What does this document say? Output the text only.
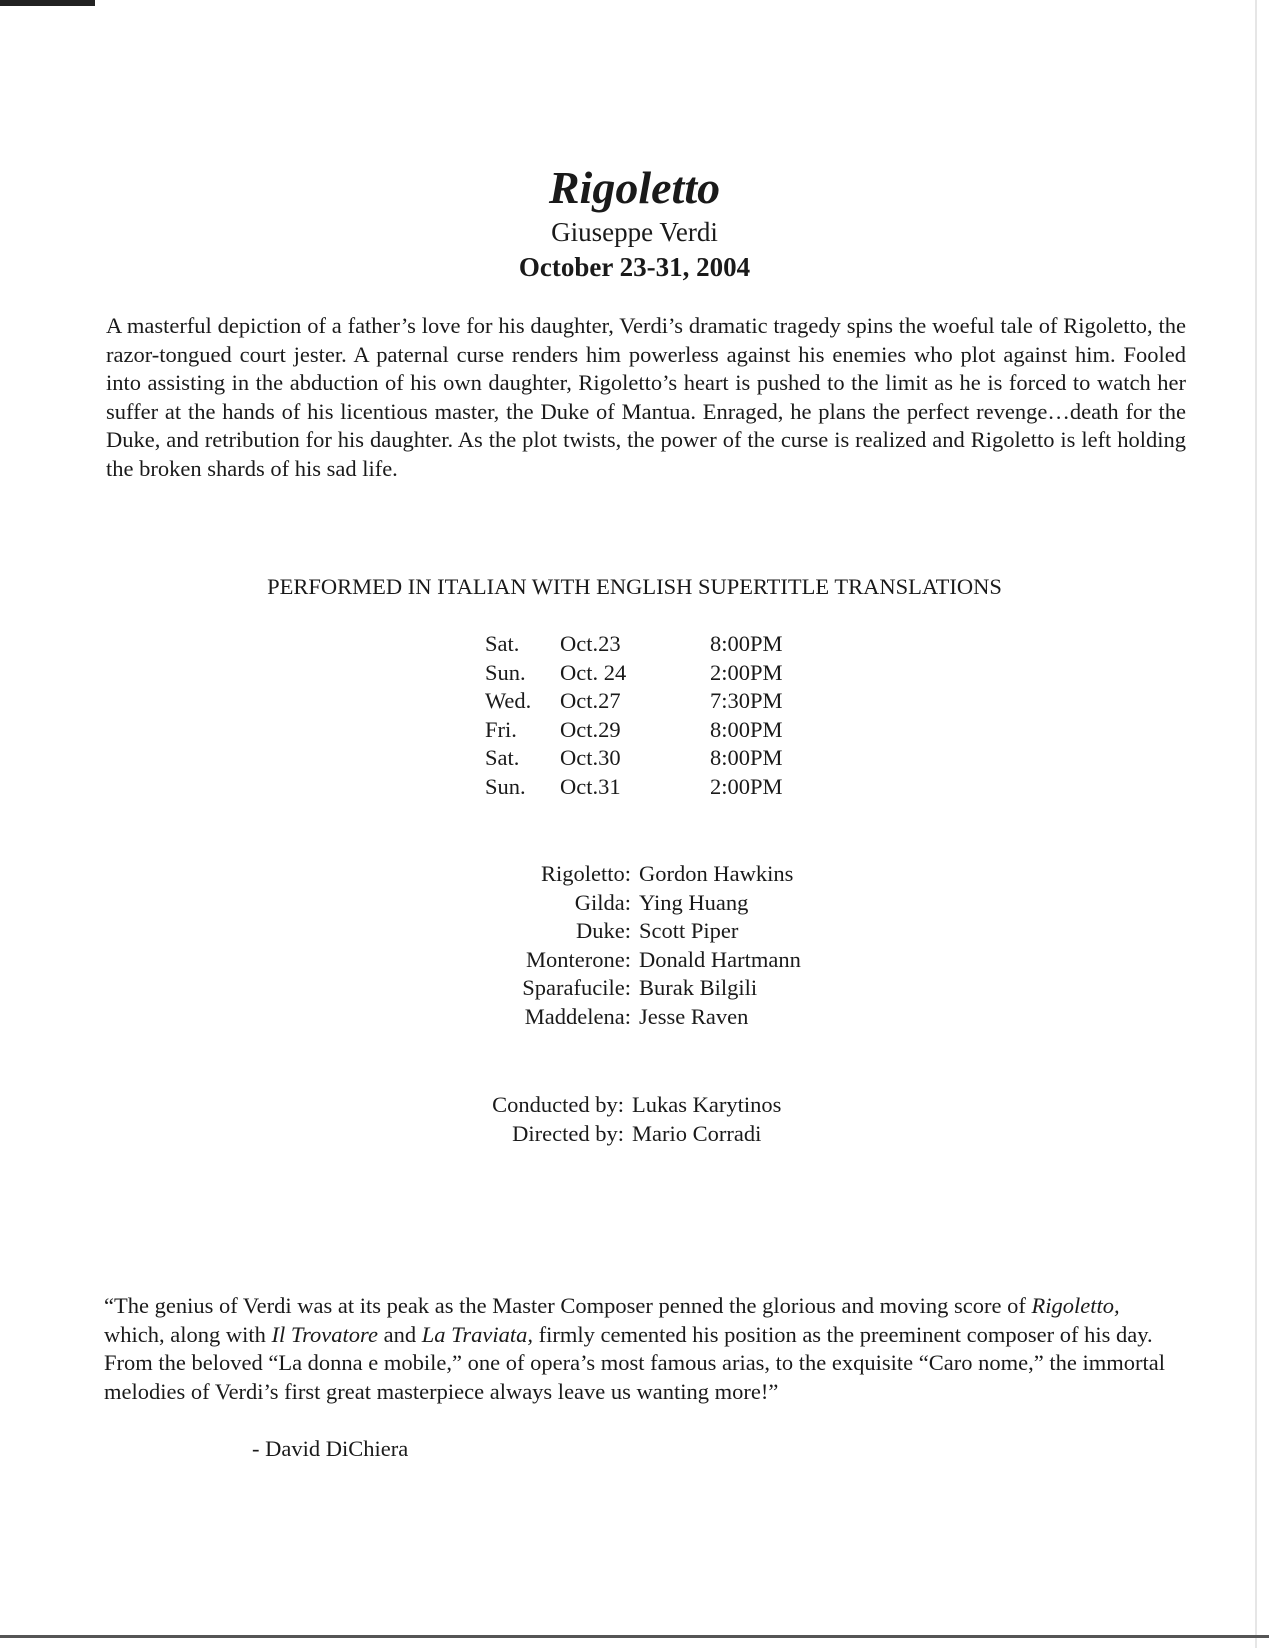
Rigoletto
Giuseppe Verdi
October 23-31, 2004

A masterful depiction of a father’s love for his daughter, Verdi’s dramatic tragedy spins the woeful tale of Rigoletto, the razor-tongued court jester. A paternal curse renders him powerless against his enemies who plot against him. Fooled into assisting in the abduction of his own daughter, Rigoletto’s heart is pushed to the limit as he is forced to watch her suffer at the hands of his licentious master, the Duke of Mantua. Enraged, he plans the perfect revenge…death for the Duke, and retribution for his daughter. As the plot twists, the power of the curse is realized and Rigoletto is left holding the broken shards of his sad life.

PERFORMED IN ITALIAN WITH ENGLISH SUPERTITLE TRANSLATIONS
Sat.	Oct.23	8:00PM
Sun.	Oct. 24	2:00PM
Wed.	Oct.27	7:30PM
Fri.	Oct.29	8:00PM
Sat.	Oct.30	8:00PM
Sun.	Oct.31	2:00PM
Rigoletto: Gordon Hawkins
Gilda: Ying Huang
Duke: Scott Piper
Monterone: Donald Hartmann
Sparafucile: Burak Bilgili
Maddelena: Jesse Raven
Conducted by: Lukas Karytinos
Directed by: Mario Corradi

“The genius of Verdi was at its peak as the Master Composer penned the glorious and moving score of Rigoletto, which, along with Il Trovatore and La Traviata, firmly cemented his position as the preeminent composer of his day. From the beloved “La donna e mobile,” one of opera’s most famous arias, to the exquisite “Caro nome,” the immortal melodies of Verdi’s first great masterpiece always leave us wanting more!”

- David DiChiera
